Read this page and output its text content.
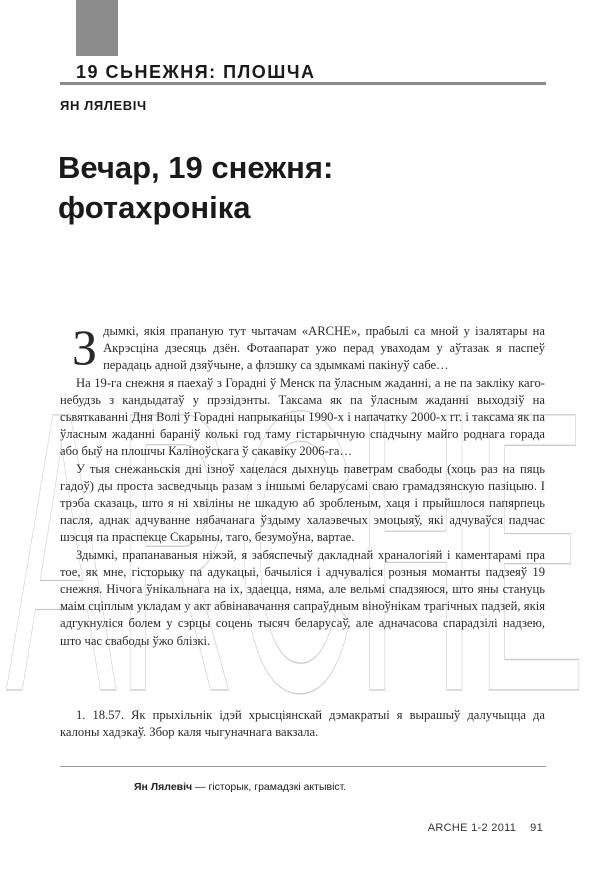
19 СЬНЕЖНЯ: ПЛОШЧА
ЯН ЛЯЛЕВІЧ
Вечар, 19 снежня:
фотахроніка
ARCHE

Здымкі, якія прапаную тут чытачам «ARCHE», прабылі са мной у ізалятары на Акрэсціна дзесяць дзён. Фотаапарат ужо перад уваходам у аўтазак я паспеў перадаць адной дзяўчыне, а флэшку са здымкамі пакінуў сабе…

На 19-га снежня я паехаў з Горадні ў Менск па ўласным жаданні, а не па закліку каго-небудзь з кандыдатаў у прэзідэнты. Таксама як па ўласным жаданні выходзіў на сьвяткаванні Дня Волі ў Горадні напрыканцы 1990-х і напачатку 2000-х гг. і таксама як па ўласным жаданні бараніў колькі год таму гістарычную спадчыну майго роднага горада або быў на плошчы Каліноўскага ў сакавіку 2006-га…

У тыя снежаньскія дні ізноў хацелася дыхнуць паветрам свабоды (хоць раз на пяць гадоў) ды проста засведчыць разам з іншымі беларусамі сваю грамадзянскую пазіцыю. І трэба сказаць, што я ні хвіліны не шкадую аб зробленым, хаця і прыйшлося папярпець пасля, аднак адчуванне нябачанага ўздыму халаэвечых эмоцыяў, які адчуваўся падчас шэсця па праспекце Скарыны, таго, безумоўна, вартае.

Здымкі, прапанаваныя ніжэй, я забяспечыў дакладнай храналогіяй і каментарамі пра тое, як мне, гісторыку па адукацыі, бачыліся і адчуваліся розныя моманты падзеяў 19 снежня. Нічога ўнікальнага на іх, здаецца, няма, але вельмі спадзяюся, што яны стануць маім сціплым укладам у акт абвінавачання сапраўдным віноўнікам трагічных падзей, якія адгукнуліся болем у сэрцы соцень тысяч беларусаў, але адначасова спарадзілі надзею, што час свабоды ўжо блізкі.

1. 18.57. Як прыхільнік ідэй хрысціянскай дэмакратыі я вырашыў далучыцца да калоны хадэкаў. Збор каля чыгуначнага вакзала.
Ян Лялевіч — гісторык, грамадзкі актывіст.
ARCHE 1-2 2011 91
